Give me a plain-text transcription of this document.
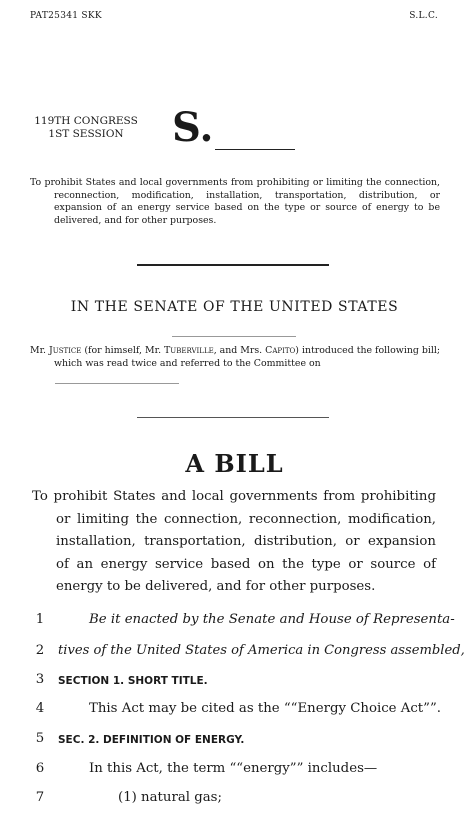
PAT25341 SKK	S.L.C.
119TH CONGRESS
1ST SESSION	S.
To prohibit States and local governments from prohibiting or limiting the connection, reconnection, modification, installation, transportation, distribution, or expansion of an energy service based on the type or source of energy to be delivered, and for other purposes.
IN THE SENATE OF THE UNITED STATES
Mr. Justice (for himself, Mr. Tuberville, and Mrs. Capito) introduced the following bill; which was read twice and referred to the Committee on
A BILL
To prohibit States and local governments from prohibiting or limiting the connection, reconnection, modification, installation, transportation, distribution, or expansion of an energy service based on the type or source of energy to be delivered, and for other purposes.
1	Be it enacted by the Senate and House of Representa-
2 tives of the United States of America in Congress assembled,
3	SECTION 1. SHORT TITLE.
4	This Act may be cited as the ““Energy Choice Act””.
5	SEC. 2. DEFINITION OF ENERGY.
6	In this Act, the term ““energy”” includes—
7	(1) natural gas;
